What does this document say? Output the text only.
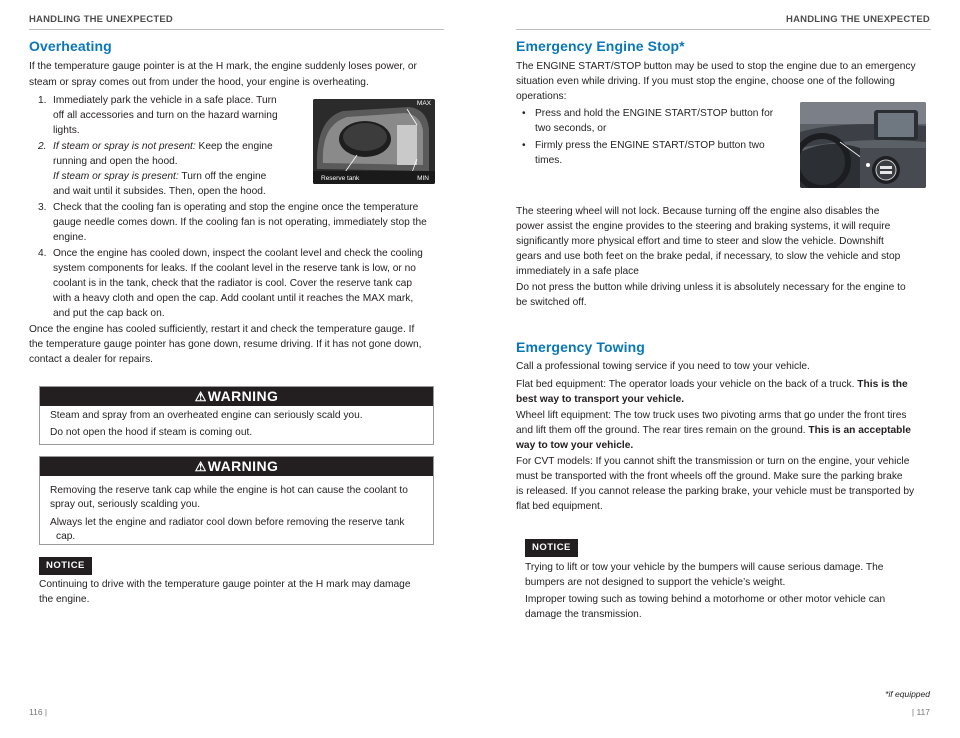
HANDLING THE UNEXPECTED
Overheating

If the temperature gauge pointer is at the H mark, the engine suddenly loses power, or steam or spray comes out from under the hood, your engine is overheating.

1. Immediately park the vehicle in a safe place. Turn
off all accessories and turn on the hazard warning
lights.
2. If steam or spray is not present: Keep the engine
running and open the hood.
If steam or spray is present: Turn off the engine
and wait until it subsides. Then, open the hood.
MAX
MIN
Reserve tank
3. Check that the cooling fan is operating and stop the engine once the temperature
gauge needle comes down. If the cooling fan is not operating, immediately stop the
engine.
4. Once the engine has cooled down, inspect the coolant level and check the cooling
system components for leaks. If the coolant level in the reserve tank is low, or no
coolant is in the tank, check that the radiator is cool. Cover the reserve tank cap
with a heavy cloth and open the cap. Add coolant until it reaches the MAX mark,
and put the cap back on.
Once the engine has cooled sufficiently, restart it and check the temperature gauge. If
the temperature gauge pointer has gone down, resume driving. If it has not gone down,
contact a dealer for repairs.
⚠WARNING
Steam and spray from an overheated engine can seriously scald you.
Do not open the hood if steam is coming out.
⚠WARNING
Removing the reserve tank cap while the engine is hot can cause the coolant to
spray out, seriously scalding you.
Always let the engine and radiator cool down before removing the reserve tank
cap.
NOTICE
Continuing to drive with the temperature gauge pointer at the H mark may damage
the engine.
116 |
HANDLING THE UNEXPECTED
Emergency Engine Stop*
The ENGINE START/STOP button may be used to stop the engine due to an emergency
situation even while driving. If you must stop the engine, choose one of the following
operations:
• Press and hold the ENGINE START/STOP button for
two seconds, or
• Firmly press the ENGINE START/STOP button two
times.
The steering wheel will not lock. Because turning off the engine also disables the
power assist the engine provides to the steering and braking systems, it will require
significantly more physical effort and time to steer and slow the vehicle. Downshift
gears and use both feet on the brake pedal, if necessary, to slow the vehicle and stop
immediately in a safe place
Do not press the button while driving unless it is absolutely necessary for the engine to
be switched off.
Emergency Towing
Call a professional towing service if you need to tow your vehicle.
Flat bed equipment: The operator loads your vehicle on the back of a truck. This is the
best way to transport your vehicle.
Wheel lift equipment: The tow truck uses two pivoting arms that go under the front tires
and lift them off the ground. The rear tires remain on the ground. This is an acceptable
way to tow your vehicle.
For CVT models: If you cannot shift the transmission or turn on the engine, your vehicle
must be transported with the front wheels off the ground. Make sure the parking brake
is released. If you cannot release the parking brake, your vehicle must be transported by
flat bed equipment.
NOTICE
Trying to lift or tow your vehicle by the bumpers will cause serious damage. The
bumpers are not designed to support the vehicle’s weight.
Improper towing such as towing behind a motorhome or other motor vehicle can
damage the transmission.
*if equipped
| 117
